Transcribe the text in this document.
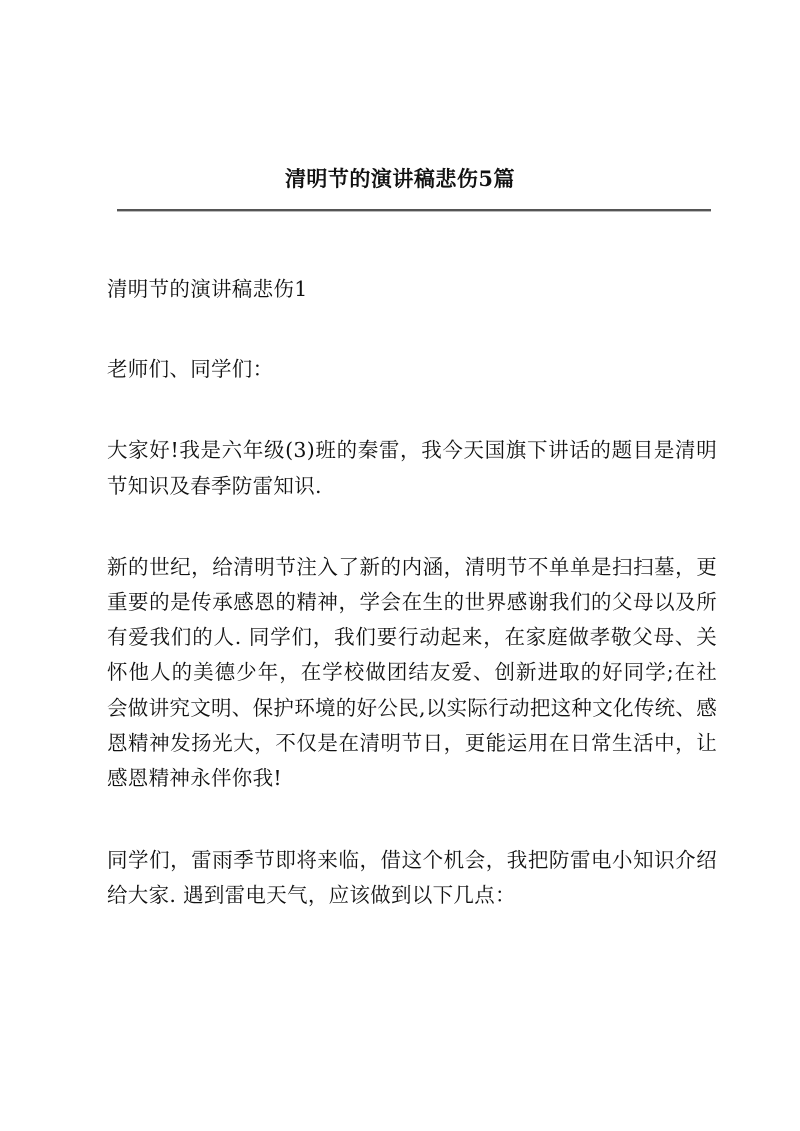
清明节的演讲稿悲伤5篇

清明节的演讲稿悲伤1

老师们、同学们：

大家好!我是六年级(3)班的秦雷，我今天国旗下讲话的题目是清明节知识及春季防雷知识.

新的世纪，给清明节注入了新的内涵，清明节不单单是扫扫墓，更重要的是传承感恩的精神，学会在生的世界感谢我们的父母以及所有爱我们的人. 同学们，我们要行动起来，在家庭做孝敬父母、关怀他人的美德少年，在学校做团结友爱、创新进取的好同学;在社会做讲究文明、保护环境的好公民,以实际行动把这种文化传统、感恩精神发扬光大，不仅是在清明节日，更能运用在日常生活中，让感恩精神永伴你我!

同学们，雷雨季节即将来临，借这个机会，我把防雷电小知识介绍给大家. 遇到雷电天气，应该做到以下几点：
